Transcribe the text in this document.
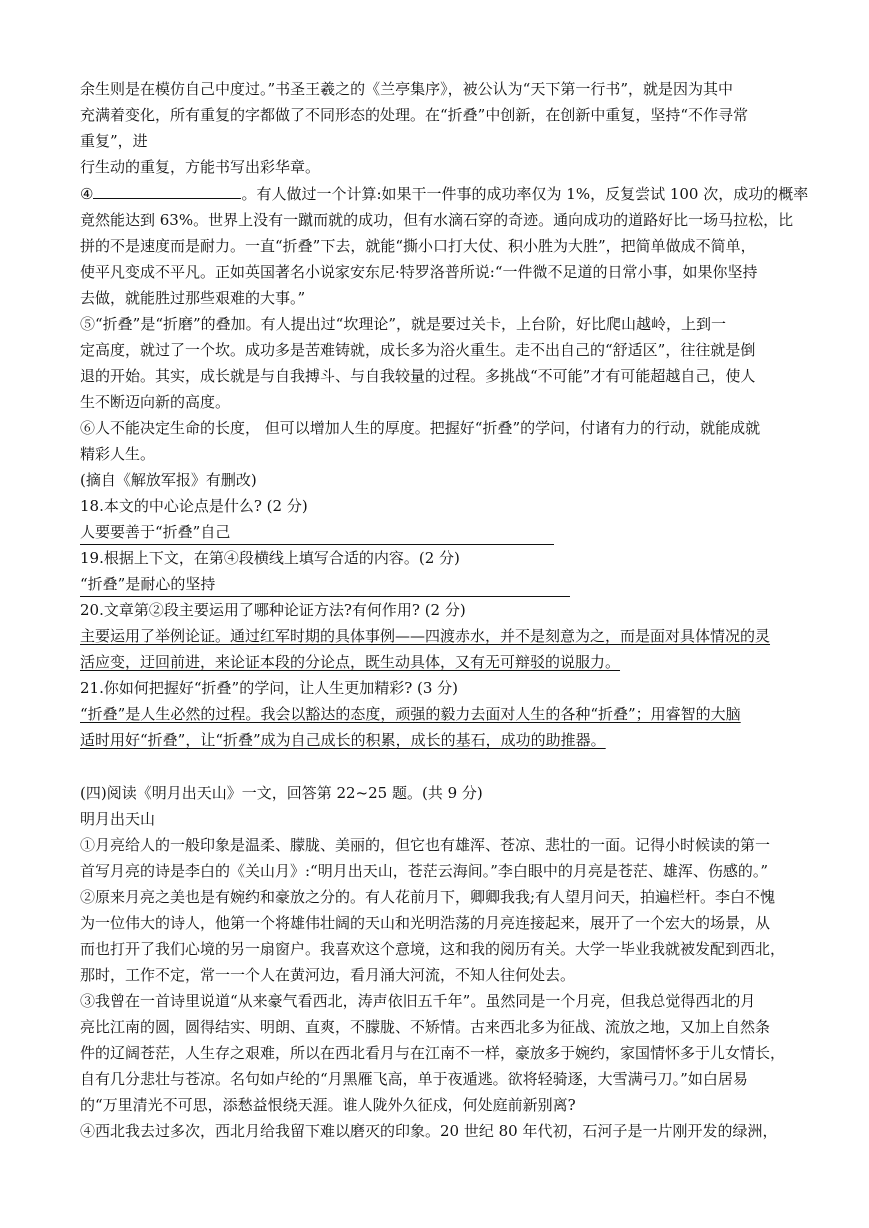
余生则是在模仿自己中度过。”书圣王羲之的《兰亭集序》，被公认为“天下第一行书”，就是因为其中

充满着变化，所有重复的字都做了不同形态的处理。在“折叠”中创新，在创新中重复，坚持“不作寻常

重复”，进

行生动的重复，方能书写出彩华章。

④	。有人做过一个计算:如果干一件事的成功率仅为 1%，反复尝试 100 次，成功的概率

竟然能达到 63%。世界上没有一蹴而就的成功，但有水滴石穿的奇迹。通向成功的道路好比一场马拉松，比

拼的不是速度而是耐力。一直“折叠”下去，就能“撕小口打大仗、积小胜为大胜”，把简单做成不简单，

使平凡变成不平凡。正如英国著名小说家安东尼·特罗洛普所说:“一件微不足道的日常小事，如果你坚持

去做，就能胜过那些艰难的大事。”

⑤“折叠”是“折磨”的叠加。有人提出过“坎理论”，就是要过关卡，上台阶，好比爬山越岭，上到一

定高度，就过了一个坎。成功多是苦难铸就，成长多为浴火重生。走不出自己的“舒适区”，往往就是倒

退的开始。其实，成长就是与自我搏斗、与自我较量的过程。多挑战“不可能”才有可能超越自己，使人

生不断迈向新的高度。

⑥人不能决定生命的长度， 但可以增加人生的厚度。把握好“折叠”的学问，付诸有力的行动，就能成就

精彩人生。

(摘自《解放军报》有删改)

18.本文的中心论点是什么? (2 分)

人要要善于“折叠”自己

19.根据上下文，在第④段横线上填写合适的内容。(2 分)

“折叠”是耐心的坚持

20.文章第②段主要运用了哪种论证方法?有何作用? (2 分)

主要运用了举例论证。通过红军时期的具体事例——四渡赤水，并不是刻意为之，而是面对具体情况的灵

活应变，迂回前进，来论证本段的分论点，既生动具体，又有无可辩驳的说服力。

21.你如何把握好“折叠”的学问，让人生更加精彩? (3 分)

“折叠”是人生必然的过程。我会以豁达的态度，顽强的毅力去面对人生的各种“折叠”；用睿智的大脑

适时用好“折叠”，让“折叠”成为自己成长的积累，成长的基石，成功的助推器。

(四)阅读《明月出天山》一文，回答第 22~25 题。(共 9 分)

明月出天山

①月亮给人的一般印象是温柔、朦胧、美丽的，但它也有雄浑、苍凉、悲壮的一面。记得小时候读的第一

首写月亮的诗是李白的《关山月》:“明月出天山，苍茫云海间。”李白眼中的月亮是苍茫、雄浑、伤感的。”

②原来月亮之美也是有婉约和豪放之分的。有人花前月下，卿卿我我;有人望月问天，拍遍栏杆。李白不愧

为一位伟大的诗人，他第一个将雄伟壮阔的天山和光明浩荡的月亮连接起来，展开了一个宏大的场景，从

而也打开了我们心境的另一扇窗户。我喜欢这个意境，这和我的阅历有关。大学一毕业我就被发配到西北，

那时，工作不定，常一一个人在黄河边，看月涌大河流，不知人往何处去。

③我曾在一首诗里说道“从来豪气看西北，涛声依旧五千年”。虽然同是一个月亮，但我总觉得西北的月

亮比江南的圆，圆得结实、明朗、直爽，不朦胧、不矫情。古来西北多为征战、流放之地，又加上自然条

件的辽阔苍茫，人生存之艰难，所以在西北看月与在江南不一样，豪放多于婉约，家国情怀多于儿女情长，

自有几分悲壮与苍凉。名句如卢纶的“月黑雁飞高，单于夜遁逃。欲将轻骑逐，大雪满弓刀。”如白居易

的“万里清光不可思，添愁益恨绕天涯。谁人陇外久征戍，何处庭前新别离?

④西北我去过多次，西北月给我留下难以磨灭的印象。20 世纪 80 年代初，石河子是一片刚开发的绿洲，
